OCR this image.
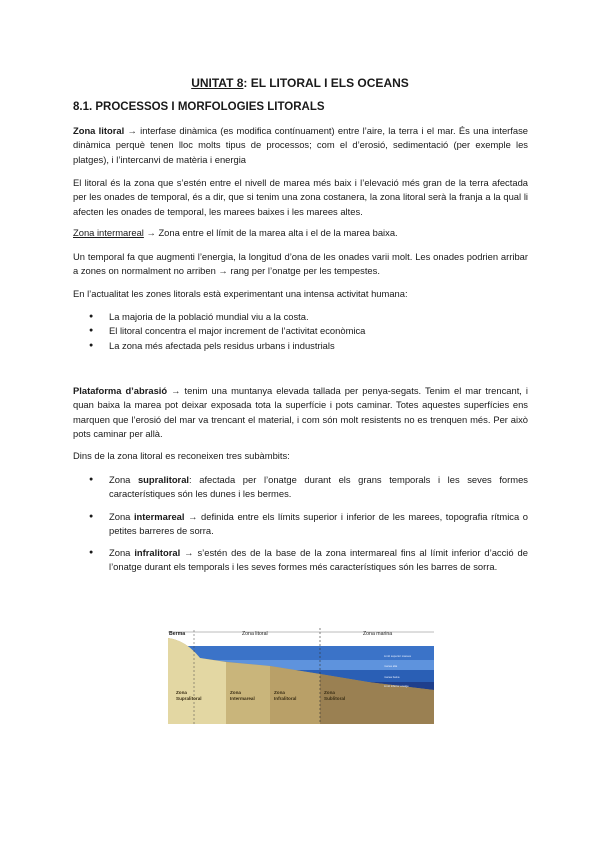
UNITAT 8: EL LITORAL I ELS OCEANS
8.1. PROCESSOS I MORFOLOGIES LITORALS

Zona litoral → interfase dinàmica (es modifica contínuament) entre l’aire, la terra i el mar. És una interfase dinàmica perquè tenen lloc molts tipus de processos; com el d’erosió, sedimentació (per exemple les platges), i l’intercanvi de matèria i energia

El litoral és la zona que s’estén entre el nivell de marea més baix i l’elevació més gran de la terra afectada per les onades de temporal, és a dir, que si tenim una zona costanera, la zona litoral serà la franja a la qual li afecten les onades de temporal, les marees baixes i les marees altes.

Zona intermareal → Zona entre el límit de la marea alta i el de la marea baixa.

Un temporal fa que augmenti l’energia, la longitud d’ona de les onades varii molt. Les onades podrien arribar a zones on normalment no arriben → rang per l’onatge per les tempestes.

En l’actualitat les zones litorals està experimentant una intensa activitat humana:

● La majoria de la població mundial viu a la costa.
● El litoral concentra el major increment de l’activitat econòmica
● La zona més afectada pels residus urbans i industrials

Plataforma d’abrasió → tenim una muntanya elevada tallada per penya-segats. Tenim el mar trencant, i quan baixa la marea pot deixar exposada tota la superfície i pots caminar. Totes aquestes superfícies ens marquen que l’erosió del mar va trencant el material, i com són molt resistents no es trenquen més. Per això pots caminar per allà.

Dins de la zona litoral es reconeixen tres subàmbits:

● Zona supralitoral: afectada per l’onatge durant els grans temporals i les seves formes característiques són les dunes i les bermes.
● Zona intermareal → definida entre els límits superior i inferior de les marees, topografia rítmica o petites barreres de sorra.
● Zona infralitoral → s’estén des de la base de la zona intermareal fins al límit inferior d’acció de l’onatge durant els temporals i les seves formes més característiques són les barres de sorra.
Berma	Zona litoral	Zona marina
Límit superior marees
marea alta
marea baixa
Límit inferior onatge
Zona
Supralitoral
Zona
Intermareal
Zona
Infralitoral
Zona
Sublitoral
